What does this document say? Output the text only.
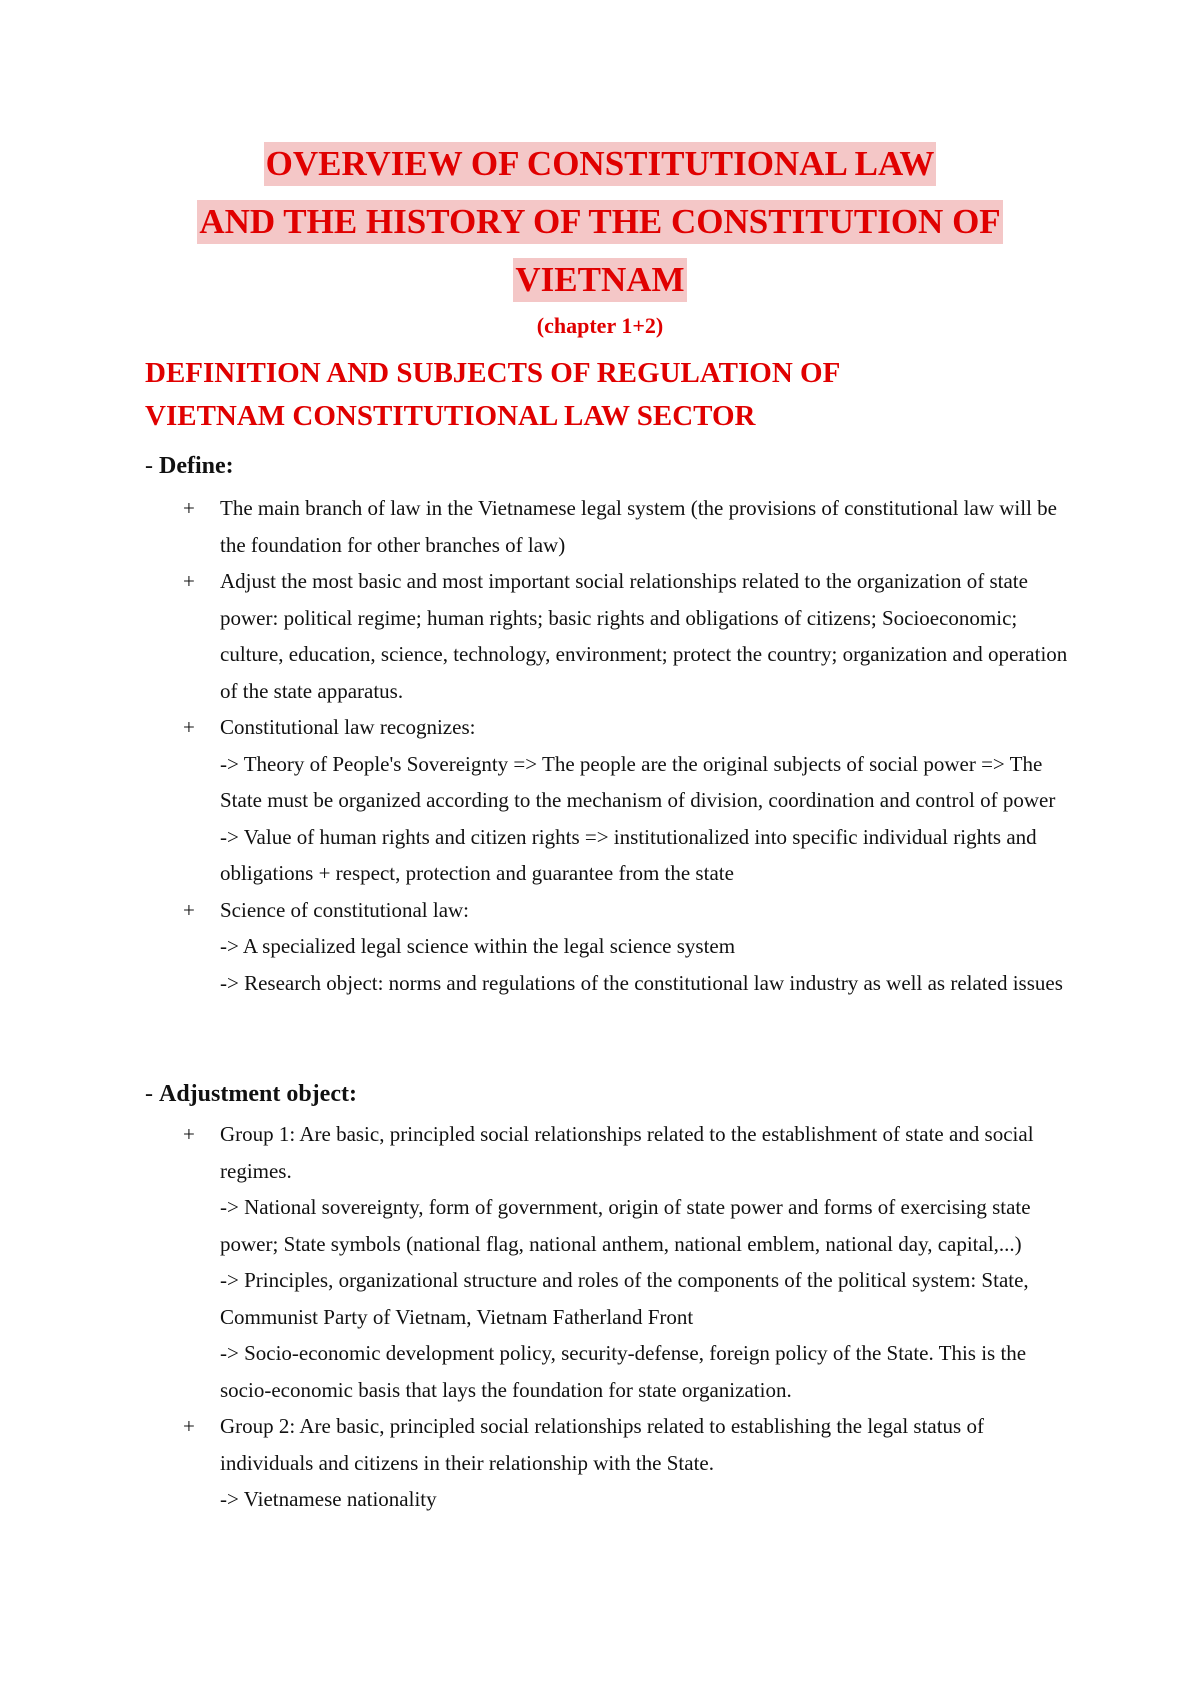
OVERVIEW OF CONSTITUTIONAL LAW
AND THE HISTORY OF THE CONSTITUTION OF
VIETNAM
(chapter 1+2)
DEFINITION AND SUBJECTS OF REGULATION OF
VIETNAM CONSTITUTIONAL LAW SECTOR
- Define:
+ The main branch of law in the Vietnamese legal system (the provisions of constitutional law will be the foundation for other branches of law)

+ Adjust the most basic and most important social relationships related to the organization of state power: political regime; human rights; basic rights and obligations of citizens; Socioeconomic; culture, education, science, technology, environment; protect the country; organization and operation of the state apparatus.

+ Constitutional law recognizes:

-> Theory of People's Sovereignty => The people are the original subjects of social power => The State must be organized according to the mechanism of division, coordination and control of power

-> Value of human rights and citizen rights => institutionalized into specific individual rights and obligations + respect, protection and guarantee from the state

+ Science of constitutional law:

-> A specialized legal science within the legal science system

-> Research object: norms and regulations of the constitutional law industry as well as related issues

- Adjustment object:
+ Group 1: Are basic, principled social relationships related to the establishment of state and social regimes.

-> National sovereignty, form of government, origin of state power and forms of exercising state power; State symbols (national flag, national anthem, national emblem, national day, capital,...)

-> Principles, organizational structure and roles of the components of the political system: State, Communist Party of Vietnam, Vietnam Fatherland Front

-> Socio-economic development policy, security-defense, foreign policy of the State. This is the socio-economic basis that lays the foundation for state organization.

+ Group 2: Are basic, principled social relationships related to establishing the legal status of individuals and citizens in their relationship with the State.

-> Vietnamese nationality
